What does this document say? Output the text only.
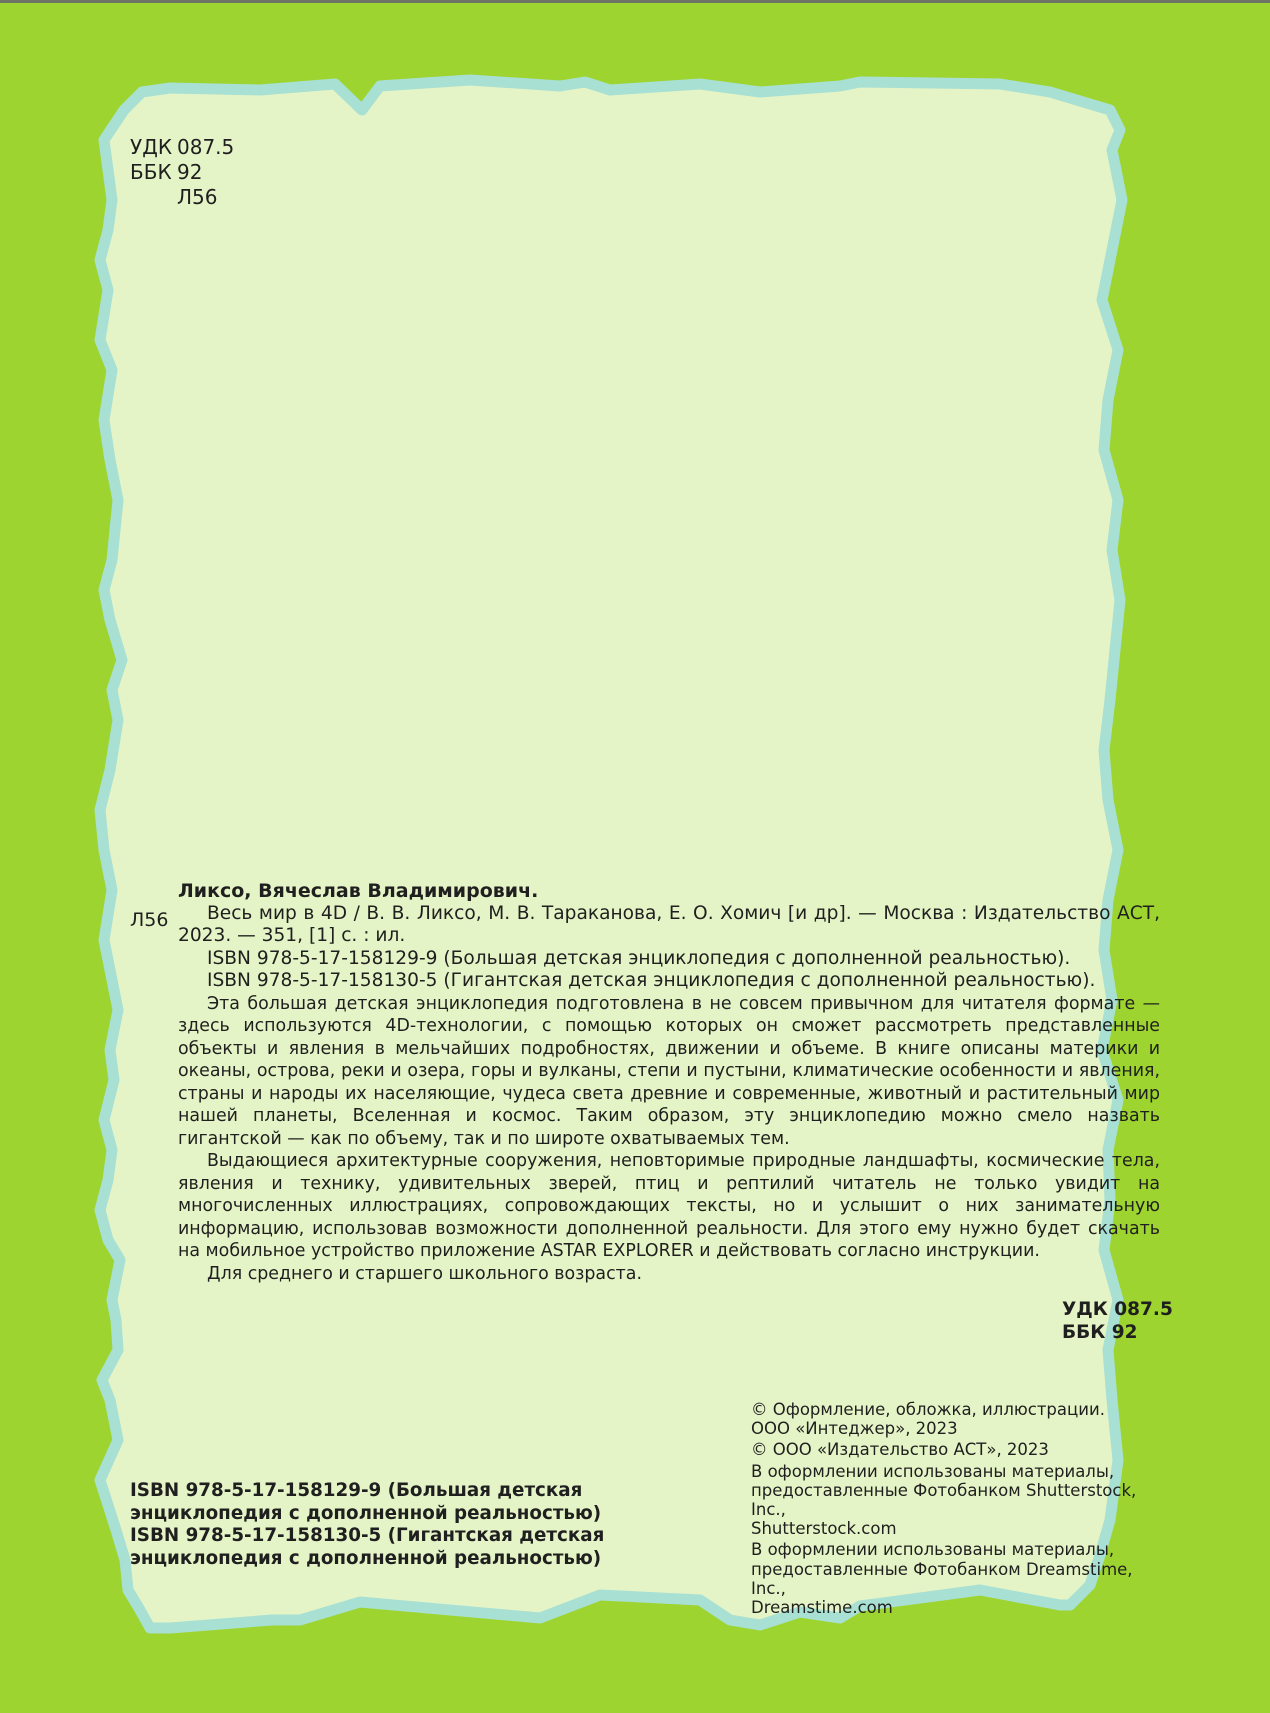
УДК 087.5
ББК 92
Л56
Л56

Ликсо, Вячеслав Владимирович.

Весь мир в 4D / В. В. Ликсо, М. В. Тараканова, Е. О. Хомич [и др]. — Москва : Издательство АСТ, 2023. — 351, [1] с. : ил.

ISBN 978-5-17-158129-9 (Большая детская энциклопедия с дополненной реальностью).

ISBN 978-5-17-158130-5 (Гигантская детская энциклопедия с дополненной реальностью).

Эта большая детская энциклопедия подготовлена в не совсем привычном для читателя формате — здесь используются 4D-технологии, с помощью которых он сможет рассмотреть представленные объекты и явления в мельчайших подробностях, движении и объеме. В книге описаны материки и океаны, острова, реки и озера, горы и вулканы, степи и пустыни, климатические особенности и явления, страны и народы их населяющие, чудеса света древние и современные, животный и растительный мир нашей планеты, Вселенная и космос. Таким образом, эту энциклопедию можно смело назвать гигантской — как по объему, так и по широте охватываемых тем.

Выдающиеся архитектурные сооружения, неповторимые природные ландшафты, космические тела, явления и технику, удивительных зверей, птиц и рептилий читатель не только увидит на многочисленных иллюстрациях, сопровождающих тексты, но и услышит о них занимательную информацию, использовав возможности дополненной реальности. Для этого ему нужно будет скачать на мобильное устройство приложение ASTAR EXPLORER и действовать согласно инструкции.

Для среднего и старшего школьного возраста.

УДК 087.5
ББК 92
© Оформление, обложка, иллюстрации.
ООО «Интеджер», 2023
© ООО «Издательство АСТ», 2023
В оформлении использованы материалы,
предоставленные Фотобанком Shutterstock, Inc.,
Shutterstock.com
В оформлении использованы материалы,
предоставленные Фотобанком Dreamstime, Inc.,
Dreamstime.com
ISBN 978-5-17-158129-9 (Большая детская
энциклопедия с дополненной реальностью)
ISBN 978-5-17-158130-5 (Гигантская детская
энциклопедия с дополненной реальностью)
